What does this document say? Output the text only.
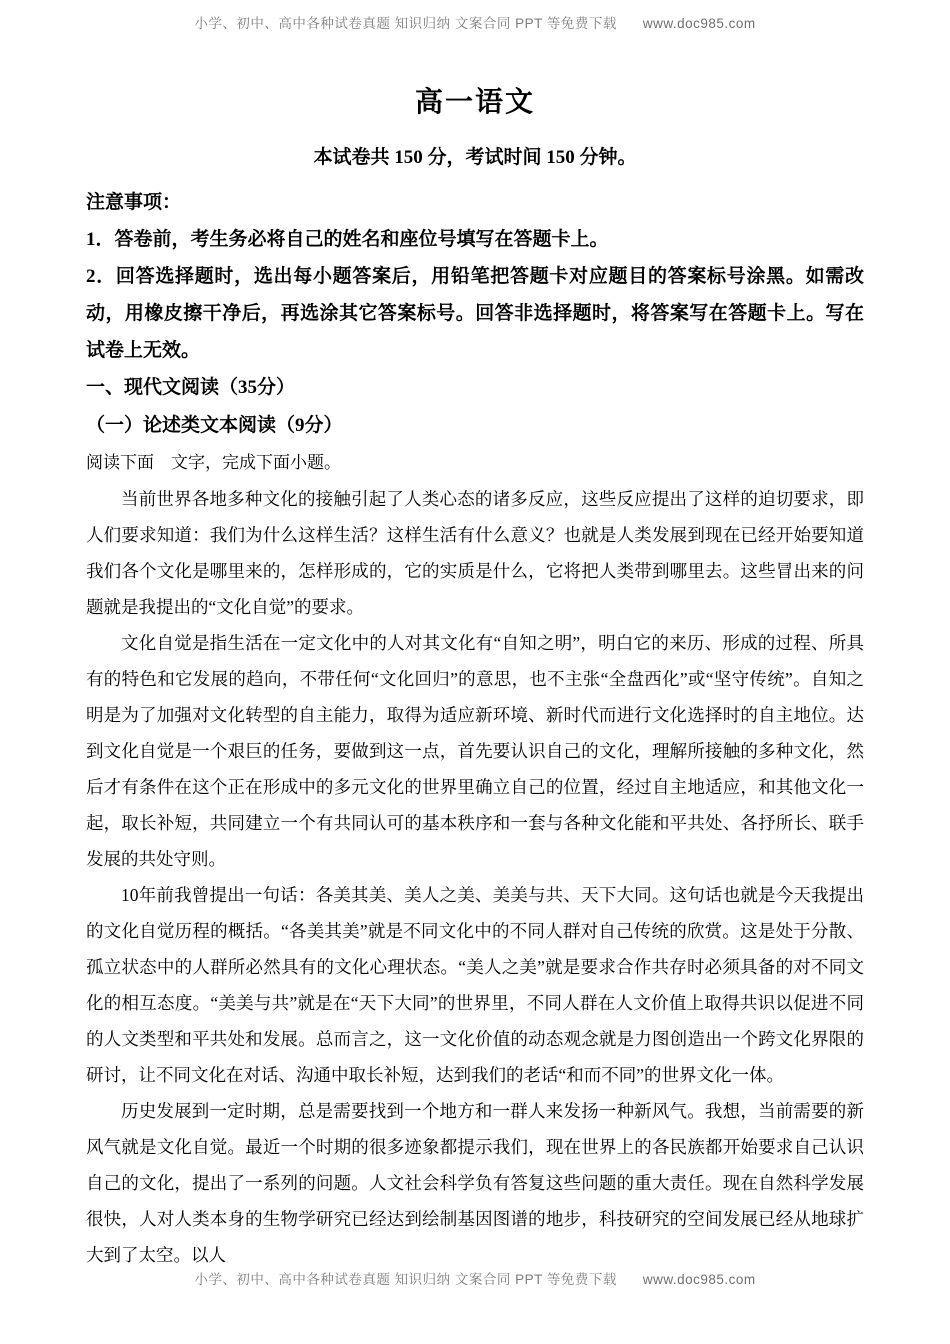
小学、初中、高中各种试卷真题 知识归纳 文案合同 PPT 等免费下载 www.doc985.com
高一语文
本试卷共 150 分，考试时间 150 分钟。
注意事项：

1．答卷前，考生务必将自己的姓名和座位号填写在答题卡上。

2．回答选择题时，选出每小题答案后，用铅笔把答题卡对应题目的答案标号涂黑。如需改动，用橡皮擦干净后，再选涂其它答案标号。回答非选择题时，将答案写在答题卡上。写在试卷上无效。

一、现代文阅读（35分）
（一）论述类文本阅读（9分）

阅读下面　文字，完成下面小题。

当前世界各地多种文化的接触引起了人类心态的诸多反应，这些反应提出了这样的迫切要求，即人们要求知道：我们为什么这样生活？这样生活有什么意义？也就是人类发展到现在已经开始要知道我们各个文化是哪里来的，怎样形成的，它的实质是什么，它将把人类带到哪里去。这些冒出来的问题就是我提出的“文化自觉”的要求。

文化自觉是指生活在一定文化中的人对其文化有“自知之明”，明白它的来历、形成的过程、所具有的特色和它发展的趋向，不带任何“文化回归”的意思，也不主张“全盘西化”或“坚守传统”。自知之明是为了加强对文化转型的自主能力，取得为适应新环境、新时代而进行文化选择时的自主地位。达到文化自觉是一个艰巨的任务，要做到这一点，首先要认识自己的文化，理解所接触的多种文化，然后才有条件在这个正在形成中的多元文化的世界里确立自己的位置，经过自主地适应，和其他文化一起，取长补短，共同建立一个有共同认可的基本秩序和一套与各种文化能和平共处、各抒所长、联手发展的共处守则。

10年前我曾提出一句话：各美其美、美人之美、美美与共、天下大同。这句话也就是今天我提出的文化自觉历程的概括。“各美其美”就是不同文化中的不同人群对自己传统的欣赏。这是处于分散、孤立状态中的人群所必然具有的文化心理状态。“美人之美”就是要求合作共存时必须具备的对不同文化的相互态度。“美美与共”就是在“天下大同”的世界里，不同人群在人文价值上取得共识以促进不同的人文类型和平共处和发展。总而言之，这一文化价值的动态观念就是力图创造出一个跨文化界限的研讨，让不同文化在对话、沟通中取长补短，达到我们的老话“和而不同”的世界文化一体。

历史发展到一定时期，总是需要找到一个地方和一群人来发扬一种新风气。我想，当前需要的新风气就是文化自觉。最近一个时期的很多迹象都提示我们，现在世界上的各民族都开始要求自己认识自己的文化，提出了一系列的问题。人文社会科学负有答复这些问题的重大责任。现在自然科学发展很快，人对人类本身的生物学研究已经达到绘制基因图谱的地步，科技研究的空间发展已经从地球扩大到了太空。以人

小学、初中、高中各种试卷真题 知识归纳 文案合同 PPT 等免费下载 www.doc985.com
